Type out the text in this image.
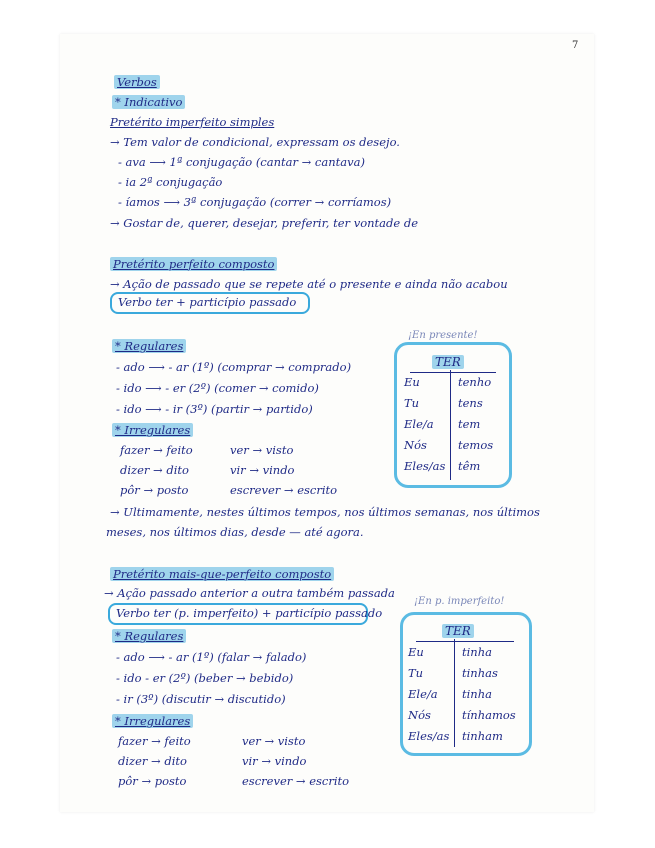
7
Verbos
* Indicativo
Pretérito imperfeito simples
→ Tem valor de condicional, expressam os desejo.
- ava ⟶ 1ª conjugação (cantar → cantava)
- ia 2ª conjugação
- íamos ⟶ 3ª conjugação (correr → corríamos)
→ Gostar de, querer, desejar, preferir, ter vontade de
Pretérito perfeito composto
→ Ação de passado que se repete até o presente e ainda não acabou
Verbo ter + particípio passado
* Regulares
- ado ⟶ - ar (1º) (comprar → comprado)
- ido ⟶ - er (2º) (comer → comido)
- ido ⟶ - ir (3º) (partir → partido)
* Irregulares
fazer → feito
dizer → dito
pôr → posto
ver → visto
vir → vindo
escrever → escrito
→ Ultimamente, nestes últimos tempos, nos últimos semanas, nos últimos
meses, nos últimos dias, desde — até agora.
¡En presente!
TER
Eu	tenho
Tu	tens
Ele/a tem
Nós	temos
Eles/as têm
Pretérito mais-que-perfeito composto
→ Ação passado anterior a outra também passada
Verbo ter (p. imperfeito) + particípio passado
* Regulares
- ado ⟶ - ar (1º) (falar → falado)
- ido - er (2º) (beber → bebido)
- ir (3º) (discutir → discutido)
* Irregulares
fazer → feito
dizer → dito
pôr → posto
ver → visto
vir → vindo
escrever → escrito
¡En p. imperfeito!
TER
Eu	tinha
Tu	tinhas
Ele/a tinha
Nós	tínhamos
Eles/as tinham
